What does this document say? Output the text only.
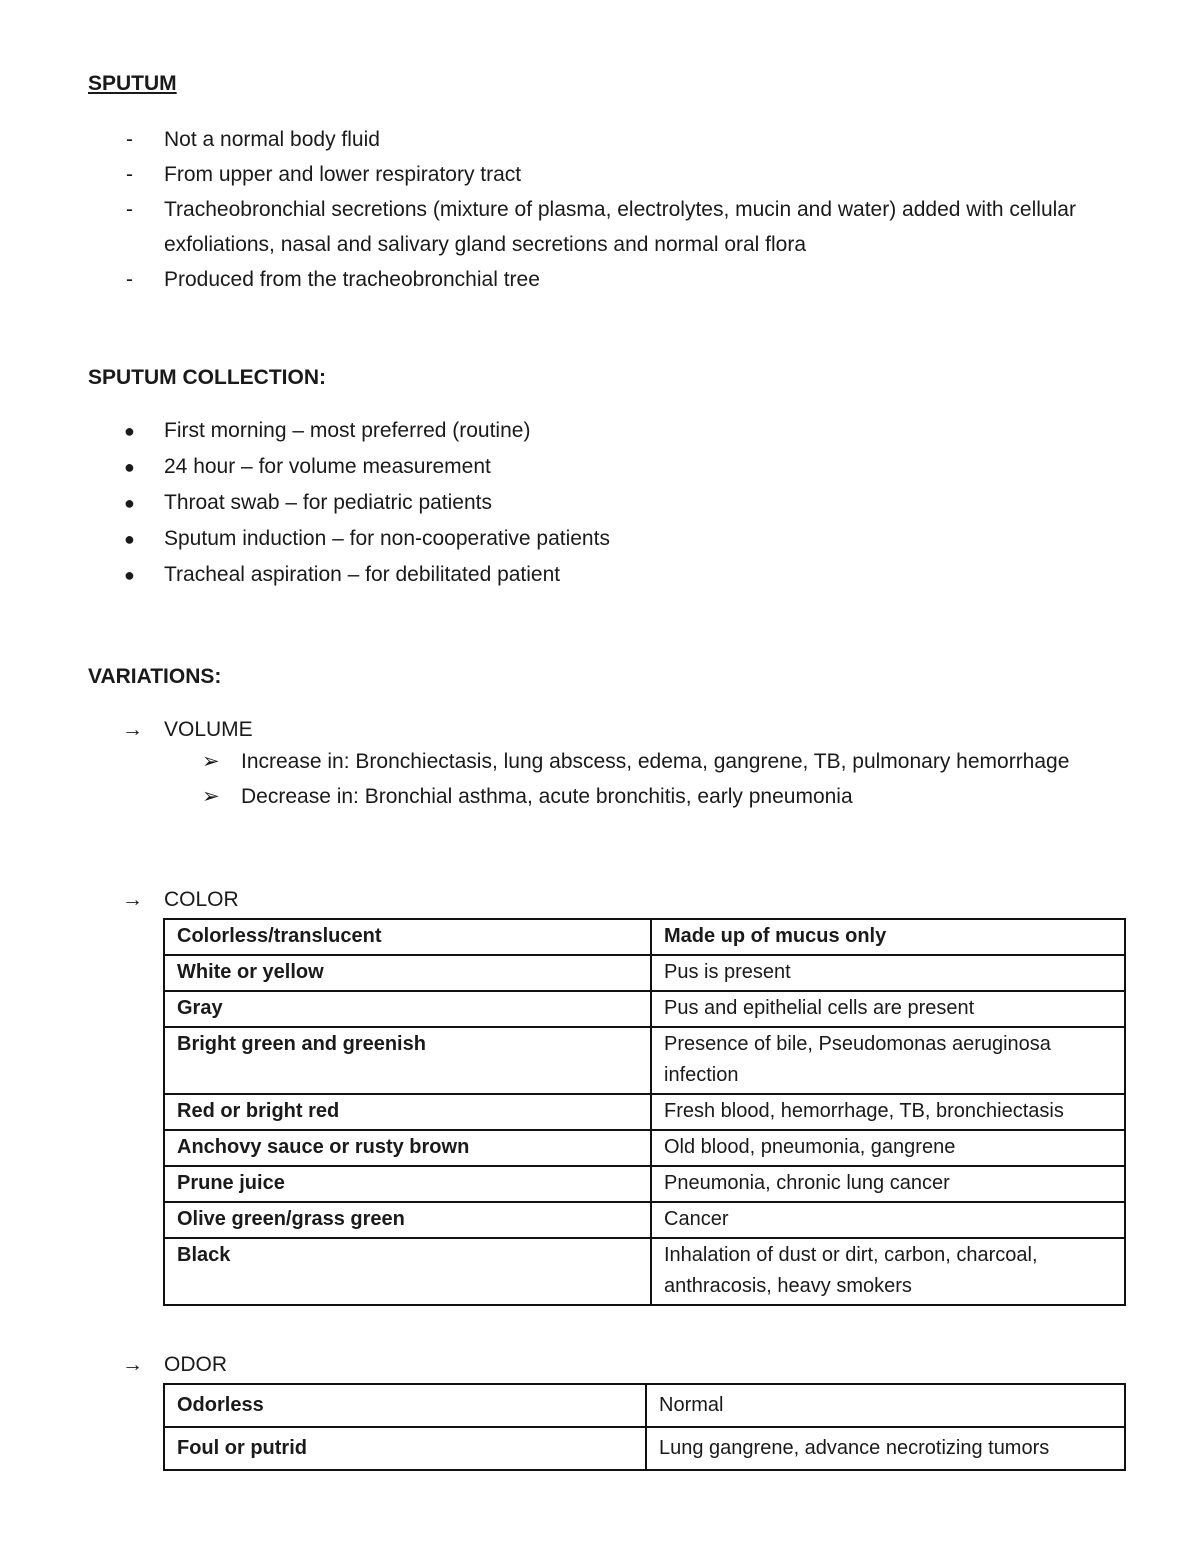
SPUTUM
- Not a normal body fluid
- From upper and lower respiratory tract
- Tracheobronchial secretions (mixture of plasma, electrolytes, mucin and water) added with cellular exfoliations, nasal and salivary gland secretions and normal oral flora
- Produced from the tracheobronchial tree
SPUTUM COLLECTION:
● First morning – most preferred (routine)
● 24 hour – for volume measurement
● Throat swab – for pediatric patients
● Sputum induction – for non-cooperative patients
● Tracheal aspiration – for debilitated patient
VARIATIONS:
→ VOLUME
➢ Increase in: Bronchiectasis, lung abscess, edema, gangrene, TB, pulmonary hemorrhage
➢ Decrease in: Bronchial asthma, acute bronchitis, early pneumonia
→ COLOR
Colorless/translucent	Made up of mucus only
White or yellow	Pus is present
Gray	Pus and epithelial cells are present
Bright green and greenish	Presence of bile, Pseudomonas aeruginosa infection
Red or bright red	Fresh blood, hemorrhage, TB, bronchiectasis
Anchovy sauce or rusty brown	Old blood, pneumonia, gangrene
Prune juice	Pneumonia, chronic lung cancer
Olive green/grass green	Cancer
Black	Inhalation of dust or dirt, carbon, charcoal, anthracosis, heavy smokers
→ ODOR
Odorless	Normal
Foul or putrid	Lung gangrene, advance necrotizing tumors
